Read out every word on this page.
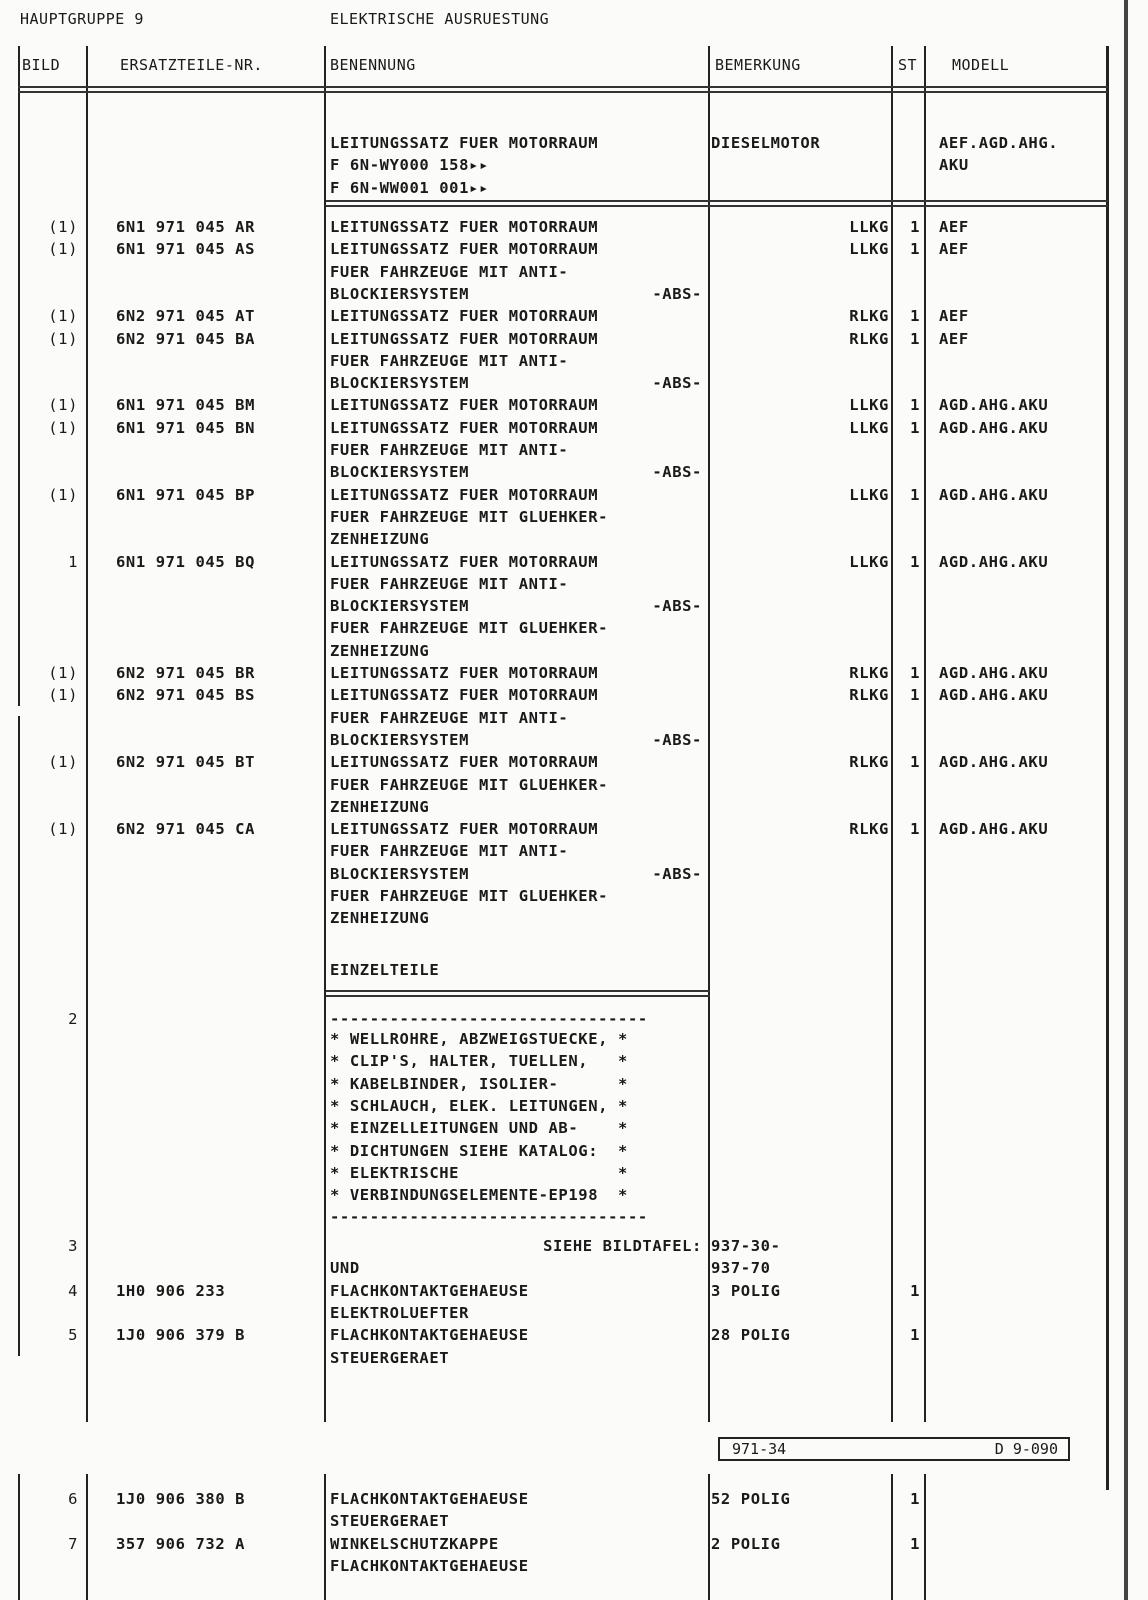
HAUPTGRUPPE 9	ELEKTRISCHE AUSRUESTUNG
BILD	ERSATZTEILE-NR.	BENENNUNG	BEMERKUNG	ST MODELL
LEITUNGSSATZ FUER MOTORRAUM	DIESELMOTOR	AEF.AGD.AHG.
F 6N-WY000 158▸▸	AKU
F 6N-WW001 001▸▸
(1) 6N1 971 045 AR	LEITUNGSSATZ FUER MOTORRAUM	LLKG	1 AEF
(1) 6N1 971 045 AS	LEITUNGSSATZ FUER MOTORRAUM	LLKG	1 AEF
FUER FAHRZEUGE MIT ANTI-
BLOCKIERSYSTEM	-ABS-
(1) 6N2 971 045 AT	LEITUNGSSATZ FUER MOTORRAUM	RLKG	1 AEF
(1) 6N2 971 045 BA	LEITUNGSSATZ FUER MOTORRAUM	RLKG	1 AEF
FUER FAHRZEUGE MIT ANTI-
BLOCKIERSYSTEM	-ABS-
(1) 6N1 971 045 BM	LEITUNGSSATZ FUER MOTORRAUM	LLKG	1 AGD.AHG.AKU
(1) 6N1 971 045 BN	LEITUNGSSATZ FUER MOTORRAUM	LLKG	1 AGD.AHG.AKU
FUER FAHRZEUGE MIT ANTI-
BLOCKIERSYSTEM	-ABS-
(1) 6N1 971 045 BP	LEITUNGSSATZ FUER MOTORRAUM	LLKG	1 AGD.AHG.AKU
FUER FAHRZEUGE MIT GLUEHKER-
ZENHEIZUNG
1 6N1 971 045 BQ	LEITUNGSSATZ FUER MOTORRAUM	LLKG	1 AGD.AHG.AKU
FUER FAHRZEUGE MIT ANTI-
BLOCKIERSYSTEM	-ABS-
FUER FAHRZEUGE MIT GLUEHKER-
ZENHEIZUNG
(1) 6N2 971 045 BR	LEITUNGSSATZ FUER MOTORRAUM	RLKG	1 AGD.AHG.AKU
(1) 6N2 971 045 BS	LEITUNGSSATZ FUER MOTORRAUM	RLKG	1 AGD.AHG.AKU
FUER FAHRZEUGE MIT ANTI-
BLOCKIERSYSTEM	-ABS-
(1) 6N2 971 045 BT	LEITUNGSSATZ FUER MOTORRAUM	RLKG	1 AGD.AHG.AKU
FUER FAHRZEUGE MIT GLUEHKER-
ZENHEIZUNG
(1) 6N2 971 045 CA	LEITUNGSSATZ FUER MOTORRAUM	RLKG	1 AGD.AHG.AKU
FUER FAHRZEUGE MIT ANTI-
BLOCKIERSYSTEM	-ABS-
FUER FAHRZEUGE MIT GLUEHKER-
ZENHEIZUNG
EINZELTEILE
2	--------------------------------
* WELLROHRE, ABZWEIGSTUECKE, *
* CLIP'S, HALTER, TUELLEN,   *
* KABELBINDER, ISOLIER-      *
* SCHLAUCH, ELEK. LEITUNGEN, *
* EINZELLEITUNGEN UND AB-    *
* DICHTUNGEN SIEHE KATALOG:  *
* ELEKTRISCHE                *
* VERBINDUNGSELEMENTE-EP198  *
--------------------------------
3	SIEHE BILDTAFEL: 937-30-
UND	937-70
4 1H0 906 233	FLACHKONTAKTGEHAEUSE	3 POLIG	1
ELEKTROLUEFTER
5 1J0 906 379 B	FLACHKONTAKTGEHAEUSE	28 POLIG	1
STEUERGERAET
971-34	D 9-090
6 1J0 906 380 B	FLACHKONTAKTGEHAEUSE	52 POLIG	1
STEUERGERAET
7 357 906 732 A	WINKELSCHUTZKAPPE	2 POLIG	1
FLACHKONTAKTGEHAEUSE
